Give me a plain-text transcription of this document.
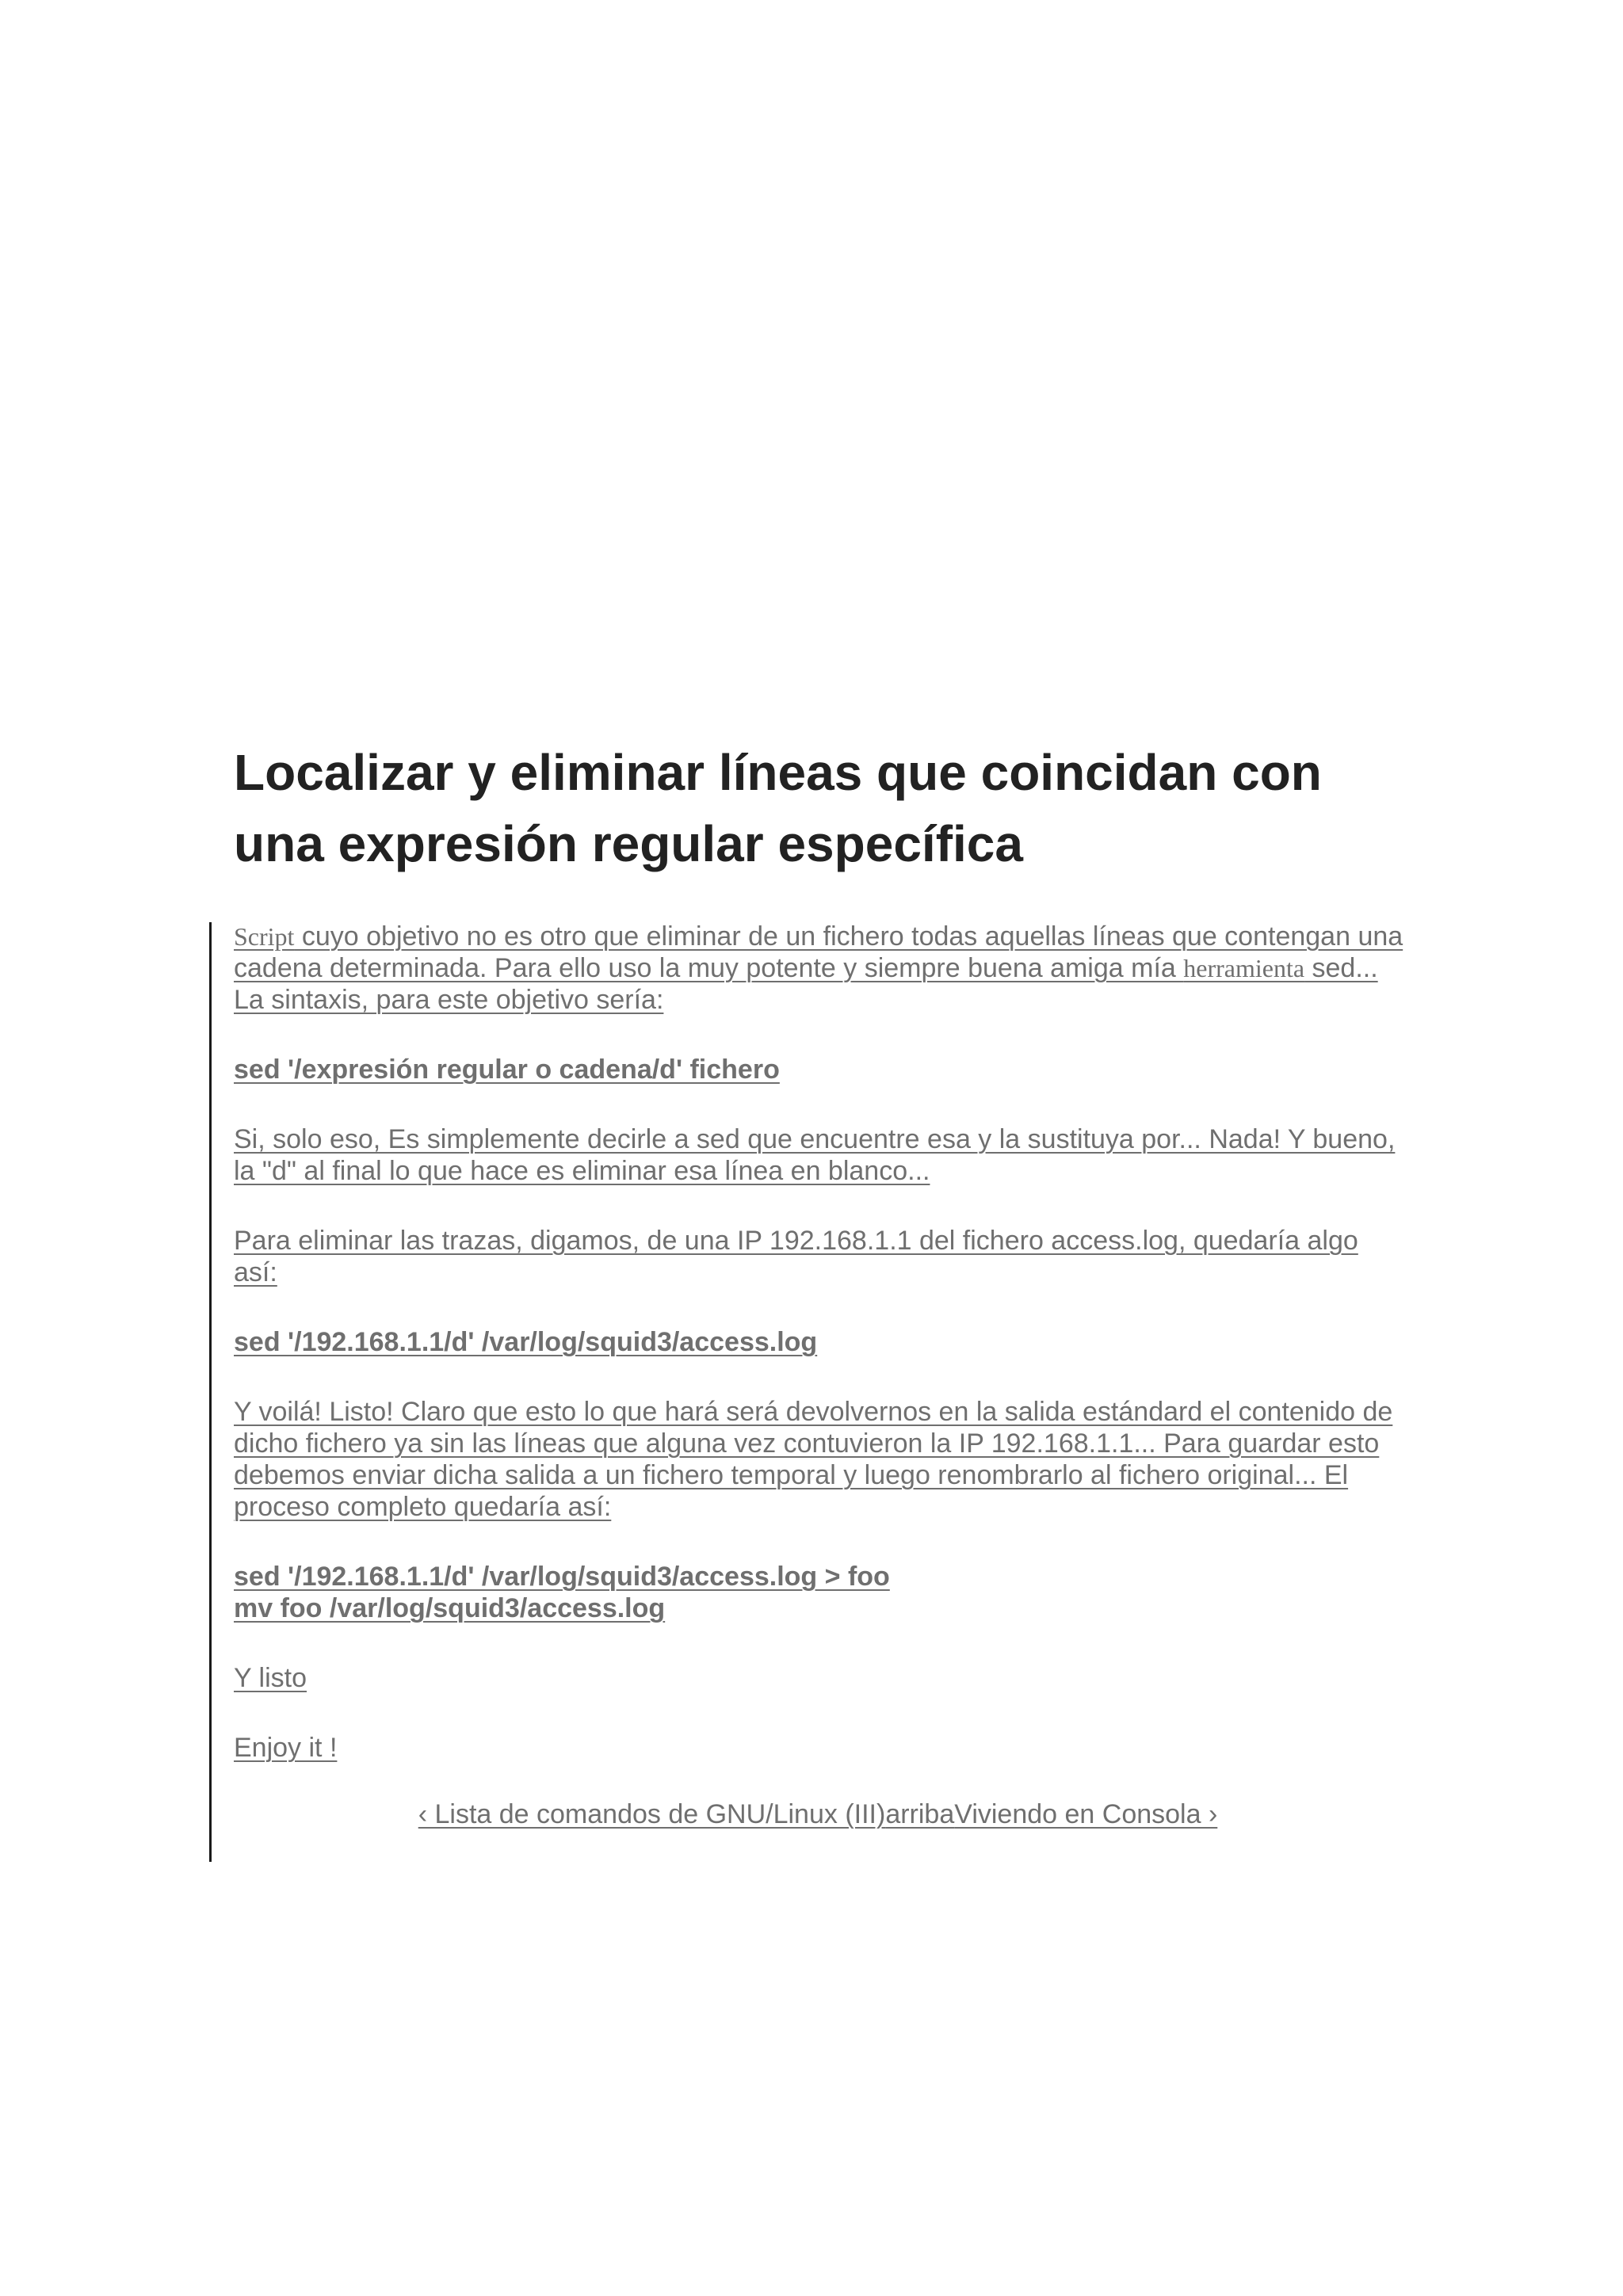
Localizar y eliminar líneas que coincidan con una expresión regular específica

Script cuyo objetivo no es otro que eliminar de un fichero todas aquellas líneas que contengan una cadena determinada. Para ello uso la muy potente y siempre buena amiga mía herramienta sed... La sintaxis, para este objetivo sería:

sed '/expresión regular o cadena/d' fichero

Si, solo eso, Es simplemente decirle a sed que encuentre esa y la sustituya por... Nada! Y bueno, la "d" al final lo que hace es eliminar esa línea en blanco...

Para eliminar las trazas, digamos, de una IP 192.168.1.1 del fichero access.log, quedaría algo así:

sed '/192.168.1.1/d' /var/log/squid3/access.log

Y voilá! Listo! Claro que esto lo que hará será devolvernos en la salida estándard el contenido de dicho fichero ya sin las líneas que alguna vez contuvieron la IP 192.168.1.1... Para guardar esto debemos enviar dicha salida a un fichero temporal y luego renombrarlo al fichero original... El proceso completo quedaría así:

sed '/192.168.1.1/d' /var/log/squid3/access.log > foo
mv foo /var/log/squid3/access.log

Y listo

Enjoy it !

‹ Lista de comandos de GNU/Linux (III)arribaViviendo en Consola ›
